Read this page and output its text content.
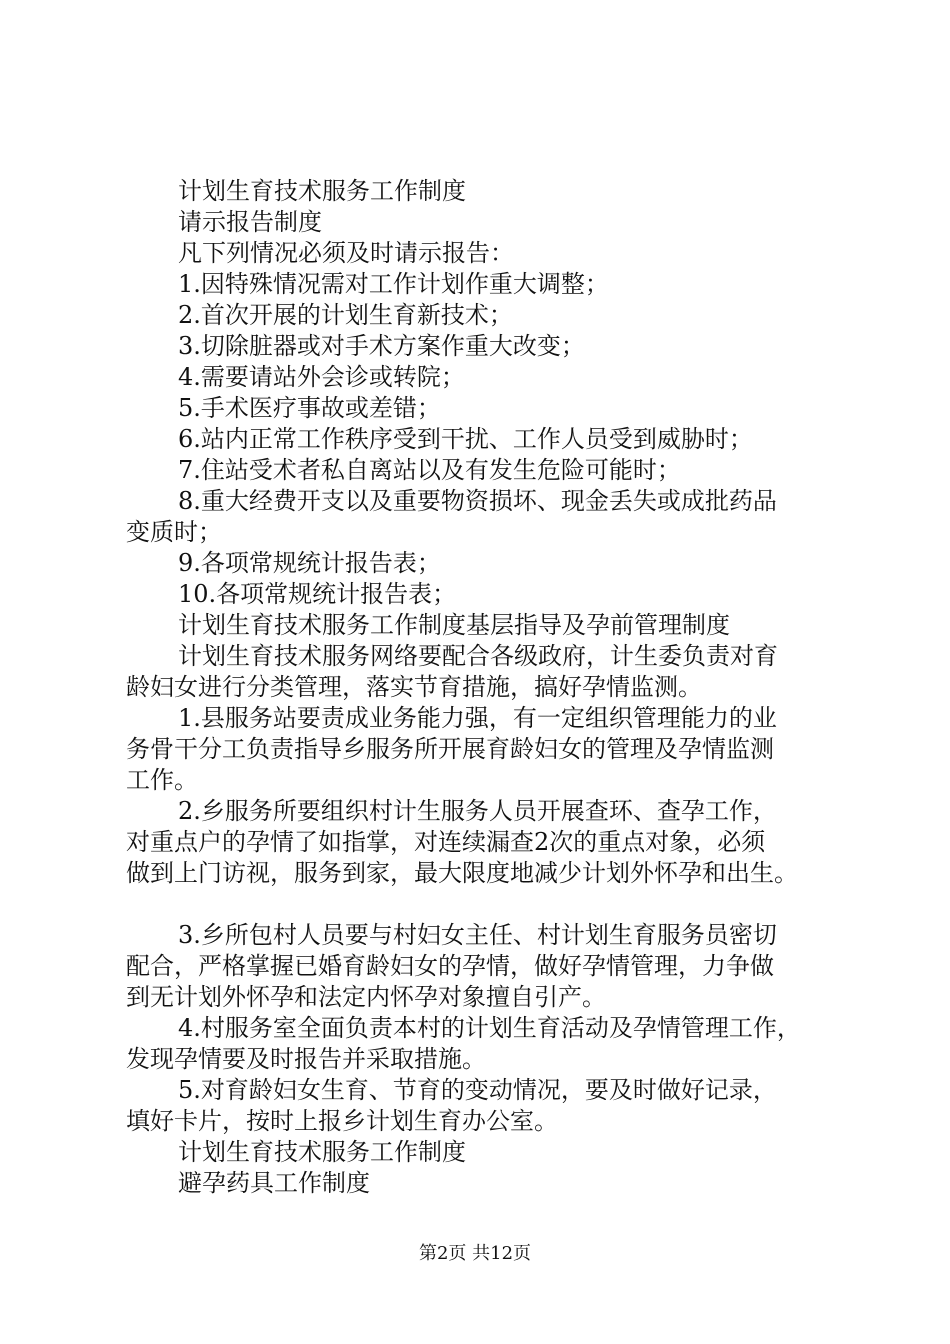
计划生育技术服务工作制度

请示报告制度

凡下列情况必须及时请示报告：

1.因特殊情况需对工作计划作重大调整；

2.首次开展的计划生育新技术；

3.切除脏器或对手术方案作重大改变；

4.需要请站外会诊或转院；

5.手术医疗事故或差错；

6.站内正常工作秩序受到干扰、工作人员受到威胁时；

7.住站受术者私自离站以及有发生危险可能时；

8.重大经费开支以及重要物资损坏、现金丢失或成批药品

变质时；

9.各项常规统计报告表；

10.各项常规统计报告表；

计划生育技术服务工作制度基层指导及孕前管理制度

计划生育技术服务网络要配合各级政府，计生委负责对育

龄妇女进行分类管理，落实节育措施，搞好孕情监测。

1.县服务站要责成业务能力强，有一定组织管理能力的业

务骨干分工负责指导乡服务所开展育龄妇女的管理及孕情监测

工作。

2.乡服务所要组织村计生服务人员开展查环、查孕工作，

对重点户的孕情了如指掌，对连续漏查2次的重点对象，必须

做到上门访视，服务到家，最大限度地减少计划外怀孕和出生。

3.乡所包村人员要与村妇女主任、村计划生育服务员密切

配合，严格掌握已婚育龄妇女的孕情，做好孕情管理，力争做

到无计划外怀孕和法定内怀孕对象擅自引产。

4.村服务室全面负责本村的计划生育活动及孕情管理工作，

发现孕情要及时报告并采取措施。

5.对育龄妇女生育、节育的变动情况，要及时做好记录，

填好卡片，按时上报乡计划生育办公室。

计划生育技术服务工作制度

避孕药具工作制度

第2页 共12页
